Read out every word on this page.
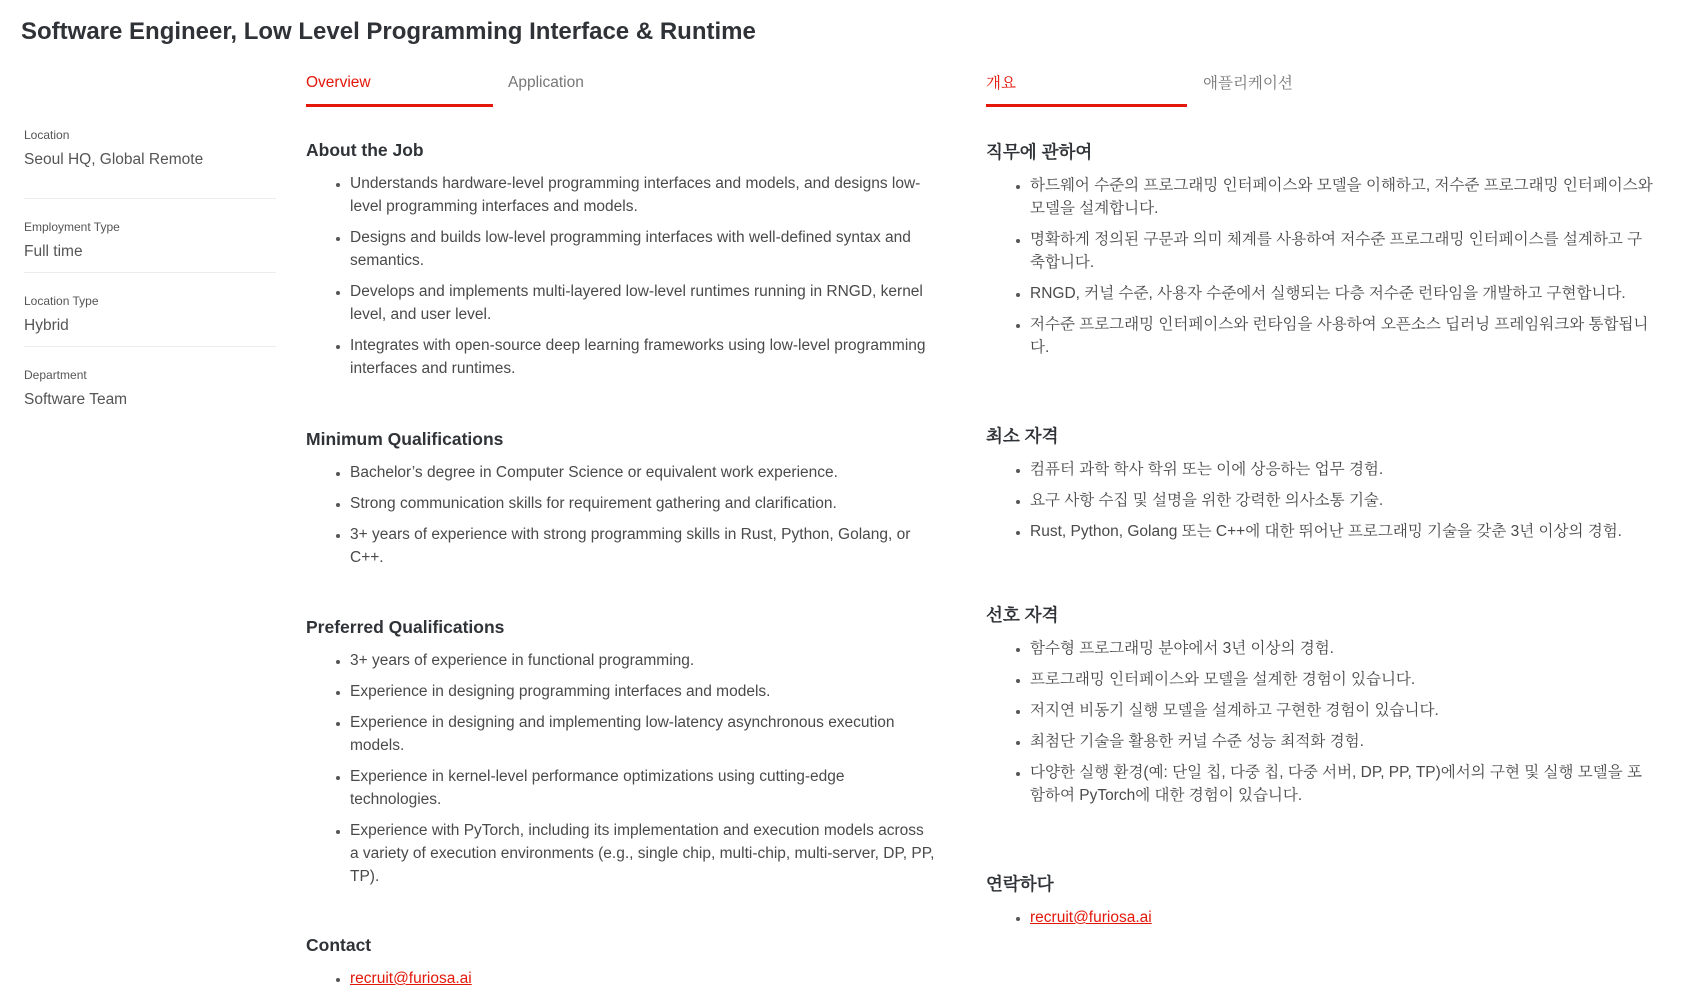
Software Engineer, Low Level Programming Interface & Runtime
Location
Seoul HQ, Global Remote
Employment Type
Full time
Location Type
Hybrid
Department
Software Team
Overview	Application
About the Job
• Understands hardware-level programming interfaces and models, and designs low-level programming interfaces and models.
• Designs and builds low-level programming interfaces with well-defined syntax and semantics.
• Develops and implements multi-layered low-level runtimes running in RNGD, kernel level, and user level.
• Integrates with open-source deep learning frameworks using low-level programming interfaces and runtimes.
Minimum Qualifications
• Bachelor’s degree in Computer Science or equivalent work experience.
• Strong communication skills for requirement gathering and clarification.
• 3+ years of experience with strong programming skills in Rust, Python, Golang, or C++.
Preferred Qualifications
• 3+ years of experience in functional programming.
• Experience in designing programming interfaces and models.
• Experience in designing and implementing low-latency asynchronous execution models.
• Experience in kernel-level performance optimizations using cutting-edge technologies.
• Experience with PyTorch, including its implementation and execution models across a variety of execution environments (e.g., single chip, multi-chip, multi-server, DP, PP, TP).
Contact
• recruit@furiosa.ai
개요	애플리케이션
직무에 관하여
• 하드웨어 수준의 프로그래밍 인터페이스와 모델을 이해하고, 저수준 프로그래밍 인터페이스와 모델을 설계합니다.
• 명확하게 정의된 구문과 의미 체계를 사용하여 저수준 프로그래밍 인터페이스를 설계하고 구축합니다.
• RNGD, 커널 수준, 사용자 수준에서 실행되는 다층 저수준 런타임을 개발하고 구현합니다.
• 저수준 프로그래밍 인터페이스와 런타임을 사용하여 오픈소스 딥러닝 프레임워크와 통합됩니다.
최소 자격
• 컴퓨터 과학 학사 학위 또는 이에 상응하는 업무 경험.
• 요구 사항 수집 및 설명을 위한 강력한 의사소통 기술.
• Rust, Python, Golang 또는 C++에 대한 뛰어난 프로그래밍 기술을 갖춘 3년 이상의 경험.
선호 자격
• 함수형 프로그래밍 분야에서 3년 이상의 경험.
• 프로그래밍 인터페이스와 모델을 설계한 경험이 있습니다.
• 저지연 비동기 실행 모델을 설계하고 구현한 경험이 있습니다.
• 최첨단 기술을 활용한 커널 수준 성능 최적화 경험.
• 다양한 실행 환경(예: 단일 칩, 다중 칩, 다중 서버, DP, PP, TP)에서의 구현 및 실행 모델을 포함하여 PyTorch에 대한 경험이 있습니다.
연락하다
• recruit@furiosa.ai
